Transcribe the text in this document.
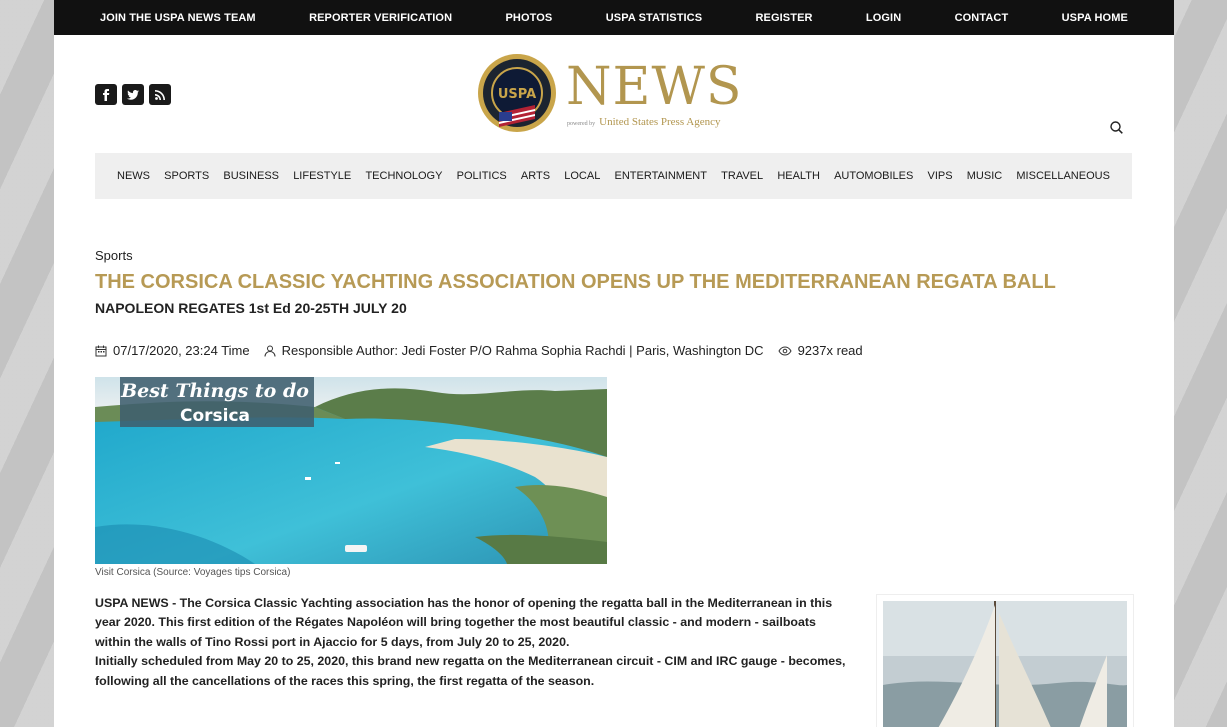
JOIN THE USPA NEWS TEAM	REPORTER VERIFICATION	PHOTOS	USPA STATISTICS	REGISTER	LOGIN	CONTACT	USPA HOME
USPA NEWS
powered by United States Press Agency
NEWS SPORTS BUSINESS LIFESTYLE TECHNOLOGY POLITICS ARTS LOCAL ENTERTAINMENT TRAVEL HEALTH AUTOMOBILES VIPS MUSIC MISCELLANEOUS
Sports
THE CORSICA CLASSIC YACHTING ASSOCIATION OPENS UP THE MEDITERRANEAN REGATA BALL
NAPOLEON REGATES 1st Ed 20-25TH JULY 20
07/17/2020, 23:24 Time Responsible Author: Jedi Foster P/O Rahma Sophia Rachdi | Paris, Washington DC	9237x read
Best Things to do
Corsica
Visit Corsica (Source: Voyages tips Corsica)

USPA NEWS - The Corsica Classic Yachting association has the honor of opening the regatta ball in the Mediterranean in this year 2020. This first edition of the Régates Napoléon will bring together the most beautiful classic - and modern - sailboats within the walls of Tino Rossi port in Ajaccio for 5 days, from July 20 to 25, 2020.

Initially scheduled from May 20 to 25, 2020, this brand new regatta on the Mediterranean circuit - CIM and IRC gauge - becomes, following all the cancellations of the races this spring, the first regatta of the season.
